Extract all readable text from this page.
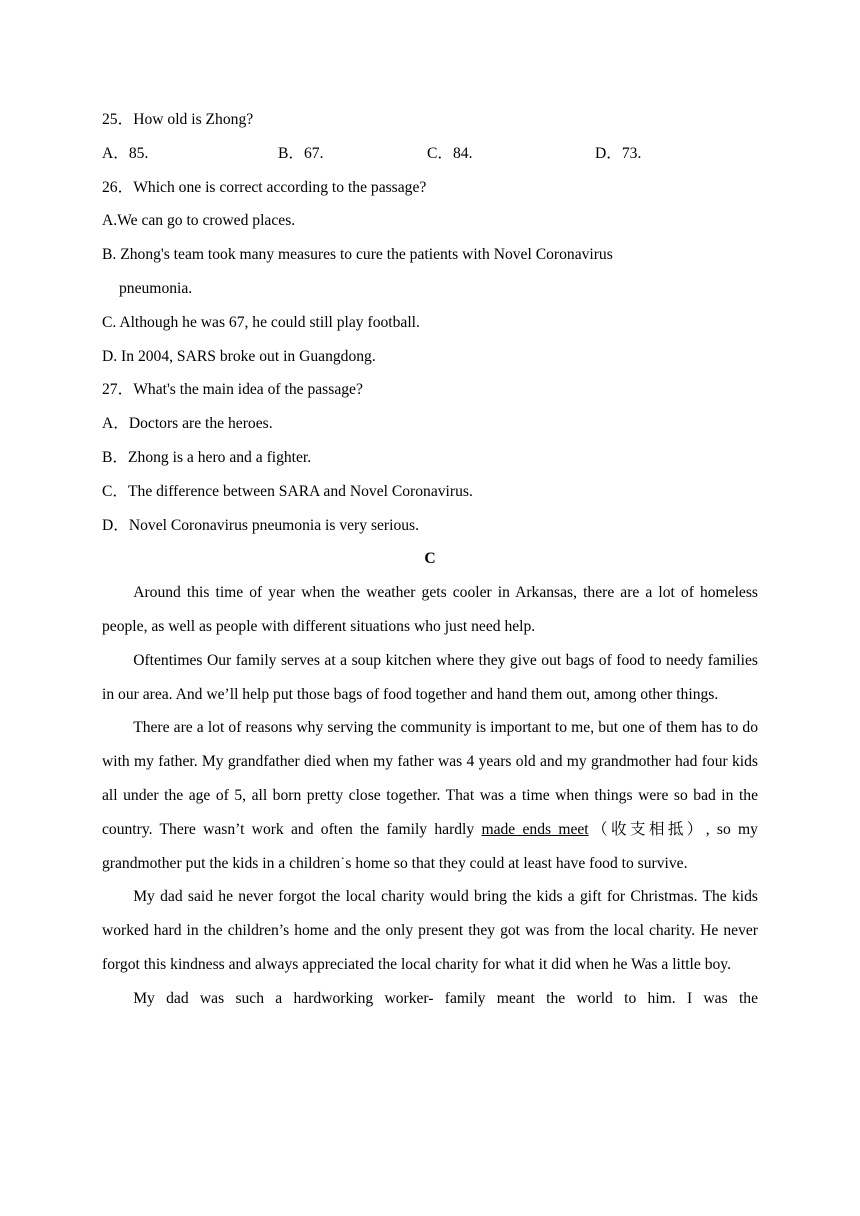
25．How old is Zhong?
A．85.	B．67.	C．84.	D．73.
26．Which one is correct according to the passage?
A.We can go to crowed places.
B. Zhong's team took many measures to cure the patients with Novel Coronavirus
pneumonia.
C. Although he was 67, he could still play football.
D. In 2004, SARS broke out in Guangdong.
27．What's the main idea of the passage?
A．Doctors are the heroes.
B．Zhong is a hero and a fighter.
C．The difference between SARA and Novel Coronavirus.
D．Novel Coronavirus pneumonia is very serious.
C

Around this time of year when the weather gets cooler in Arkansas, there are a lot of homeless people, as well as people with different situations who just need help.

Oftentimes Our family serves at a soup kitchen where they give out bags of food to needy families in our area. And we’ll help put those bags of food together and hand them out, among other things.

There are a lot of reasons why serving the community is important to me, but one of them has to do with my father. My grandfather died when my father was 4 years old and my grandmother had four kids all under the age of 5, all born pretty close together. That was a time when things were so bad in the country. There wasn’t work and often the family hardly made ends meet（收支相抵）, so my grandmother put the kids in a children˙s home so that they could at least have food to survive.

My dad said he never forgot the local charity would bring the kids a gift for Christmas. The kids worked hard in the children’s home and the only present they got was from the local charity. He never forgot this kindness and always appreciated the local charity for what it did when he Was a little boy.

My dad was such a hardworking worker- family meant the world to him. I was the
